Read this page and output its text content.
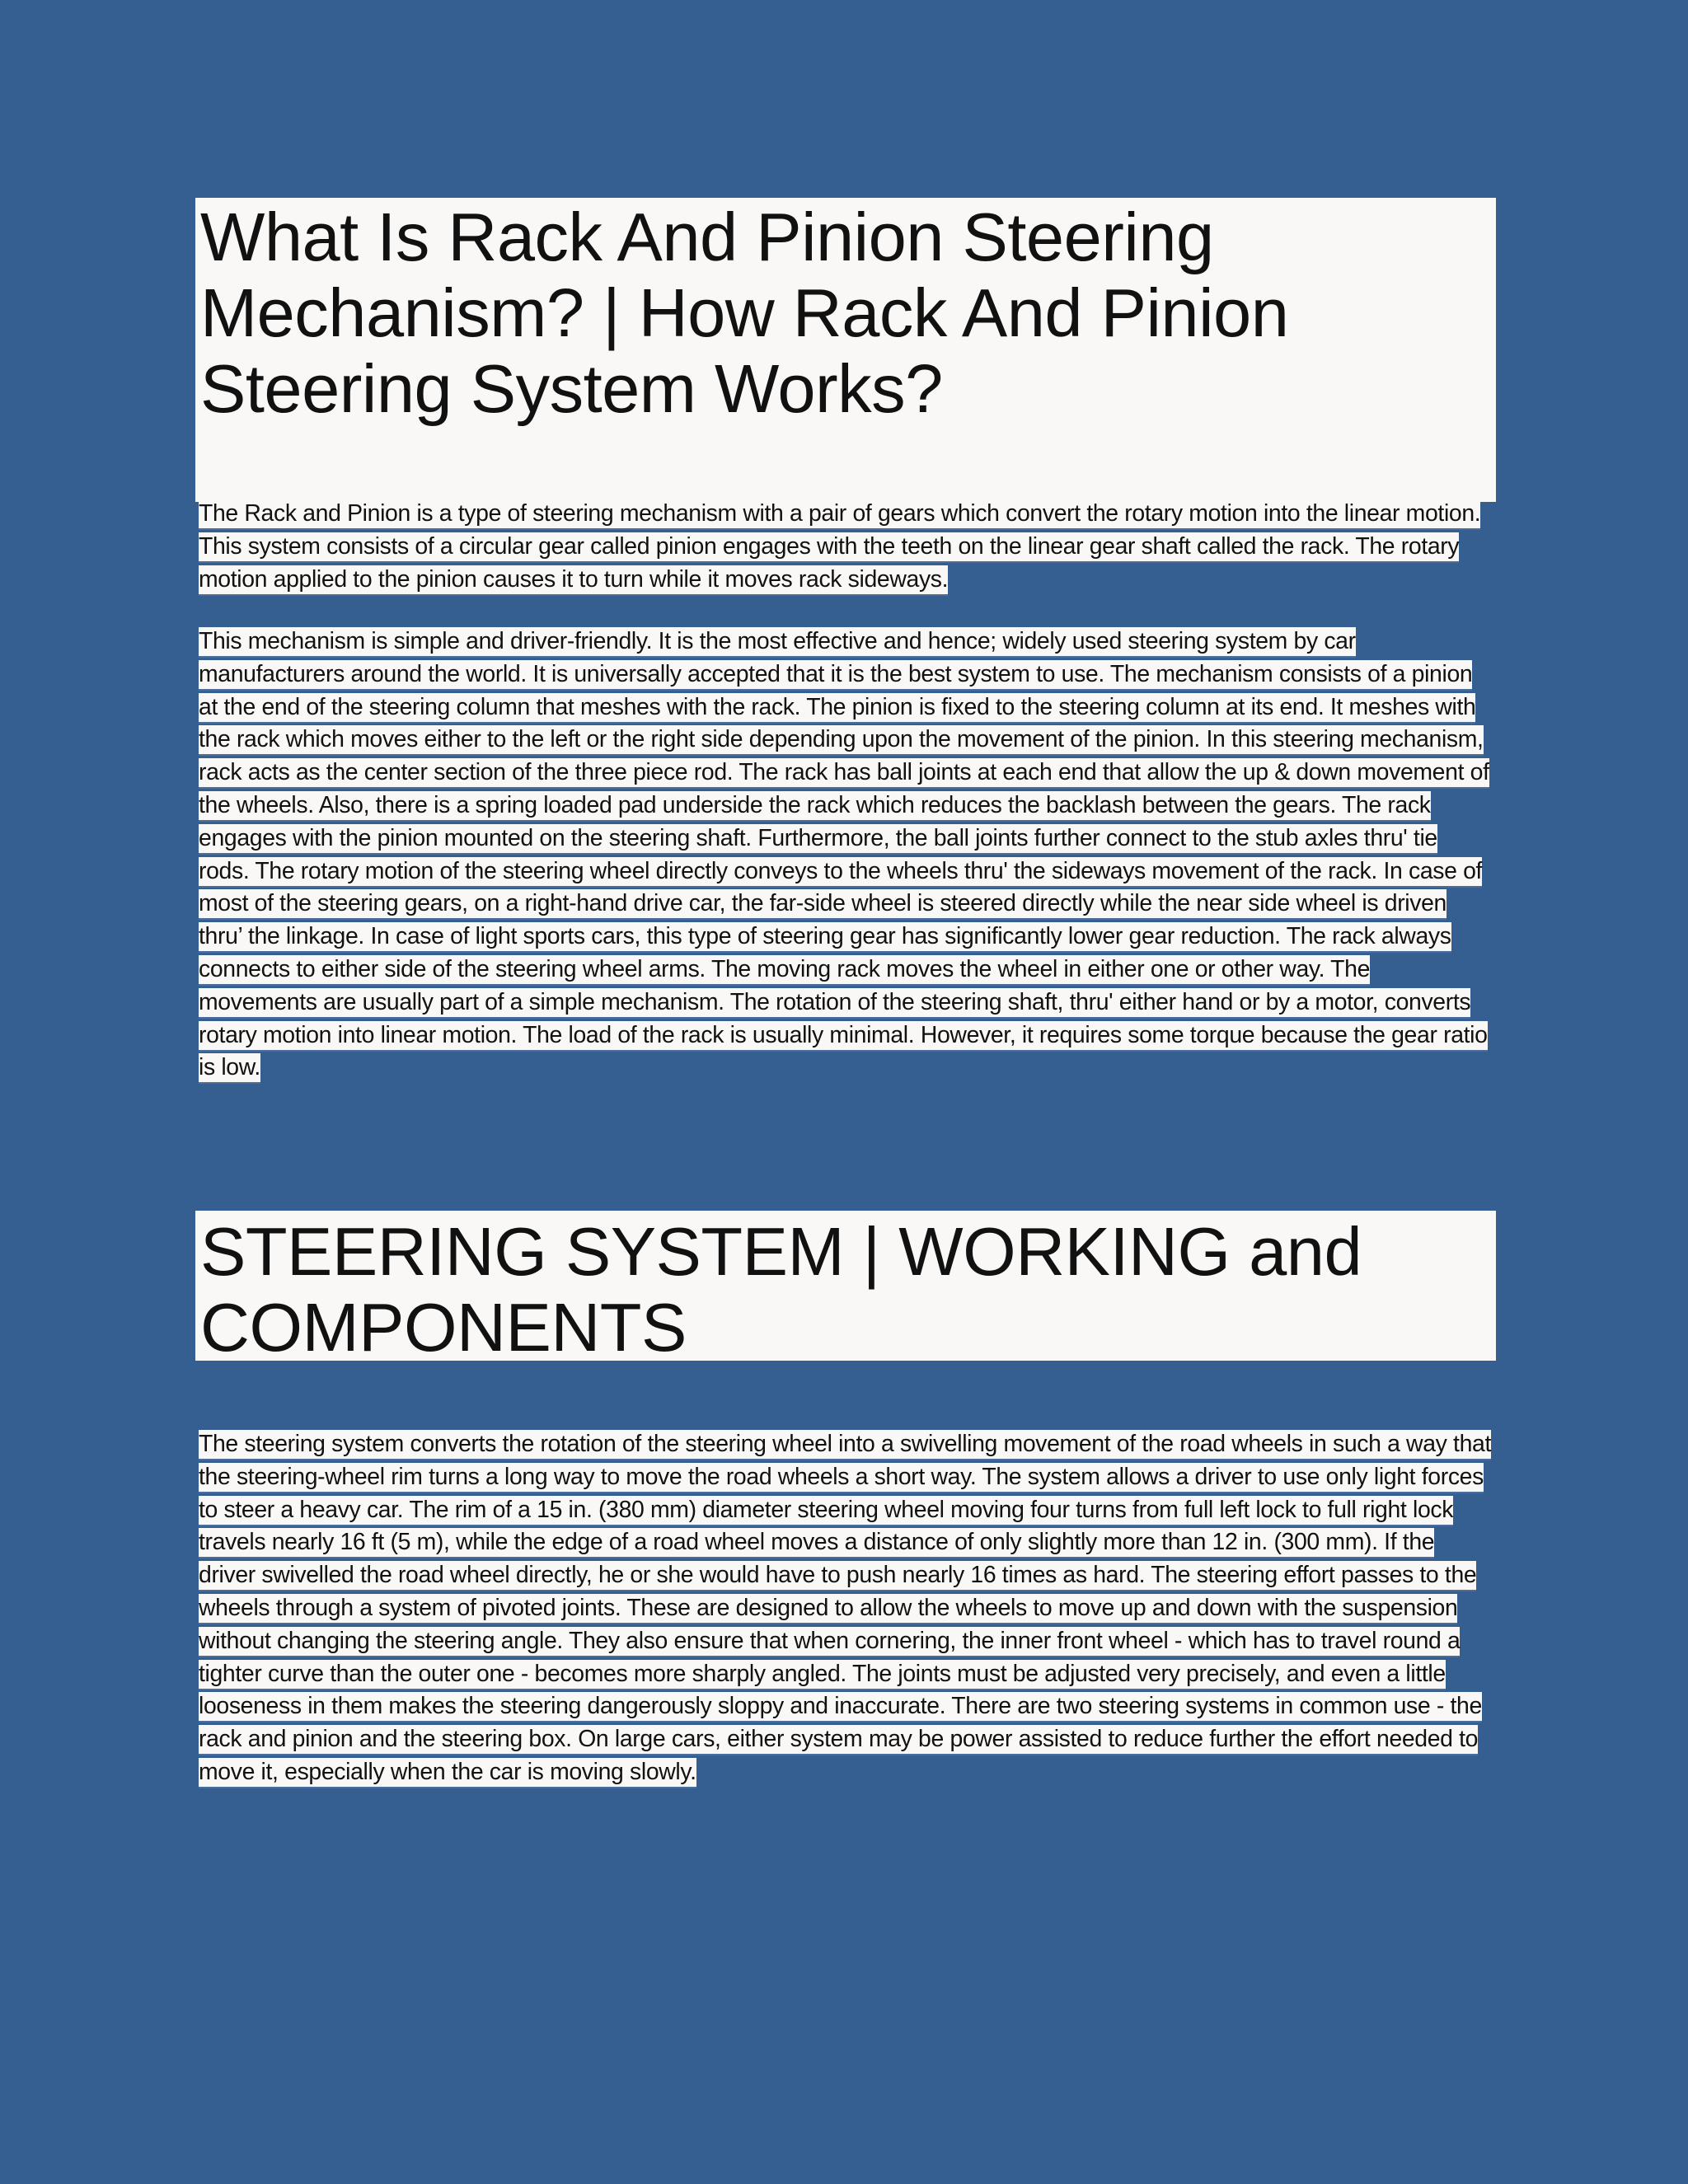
What Is Rack And Pinion Steering Mechanism? | How Rack And Pinion Steering System Works?

The Rack and Pinion is a type of steering mechanism with a pair of gears which convert the rotary motion into the linear motion. This system consists of a circular gear called pinion engages with the teeth on the linear gear shaft called the rack. The rotary motion applied to the pinion causes it to turn while it moves rack sideways.

This mechanism is simple and driver-friendly. It is the most effective and hence; widely used steering system by car manufacturers around the world. It is universally accepted that it is the best system to use. The mechanism consists of a pinion at the end of the steering column that meshes with the rack. The pinion is fixed to the steering column at its end. It meshes with the rack which moves either to the left or the right side depending upon the movement of the pinion. In this steering mechanism, rack acts as the center section of the three piece rod. The rack has ball joints at each end that allow the up & down movement of the wheels. Also, there is a spring loaded pad underside the rack which reduces the backlash between the gears. The rack engages with the pinion mounted on the steering shaft. Furthermore, the ball joints further connect to the stub axles thru' tie rods. The rotary motion of the steering wheel directly conveys to the wheels thru' the sideways movement of the rack. In case of most of the steering gears, on a right-hand drive car, the far-side wheel is steered directly while the near side wheel is driven thru’ the linkage. In case of light sports cars, this type of steering gear has significantly lower gear reduction. The rack always connects to either side of the steering wheel arms. The moving rack moves the wheel in either one or other way. The movements are usually part of a simple mechanism. The rotation of the steering shaft, thru' either hand or by a motor, converts rotary motion into linear motion. The load of the rack is usually minimal. However, it requires some torque because the gear ratio is low.

STEERING SYSTEM | WORKING and COMPONENTS

The steering system converts the rotation of the steering wheel into a swivelling movement of the road wheels in such a way that the steering-wheel rim turns a long way to move the road wheels a short way. The system allows a driver to use only light forces to steer a heavy car. The rim of a 15 in. (380 mm) diameter steering wheel moving four turns from full left lock to full right lock travels nearly 16 ft (5 m), while the edge of a road wheel moves a distance of only slightly more than 12 in. (300 mm). If the driver swivelled the road wheel directly, he or she would have to push nearly 16 times as hard. The steering effort passes to the wheels through a system of pivoted joints. These are designed to allow the wheels to move up and down with the suspension without changing the steering angle. They also ensure that when cornering, the inner front wheel - which has to travel round a tighter curve than the outer one - becomes more sharply angled. The joints must be adjusted very precisely, and even a little looseness in them makes the steering dangerously sloppy and inaccurate. There are two steering systems in common use - the rack and pinion and the steering box. On large cars, either system may be power assisted to reduce further the effort needed to move it, especially when the car is moving slowly.
